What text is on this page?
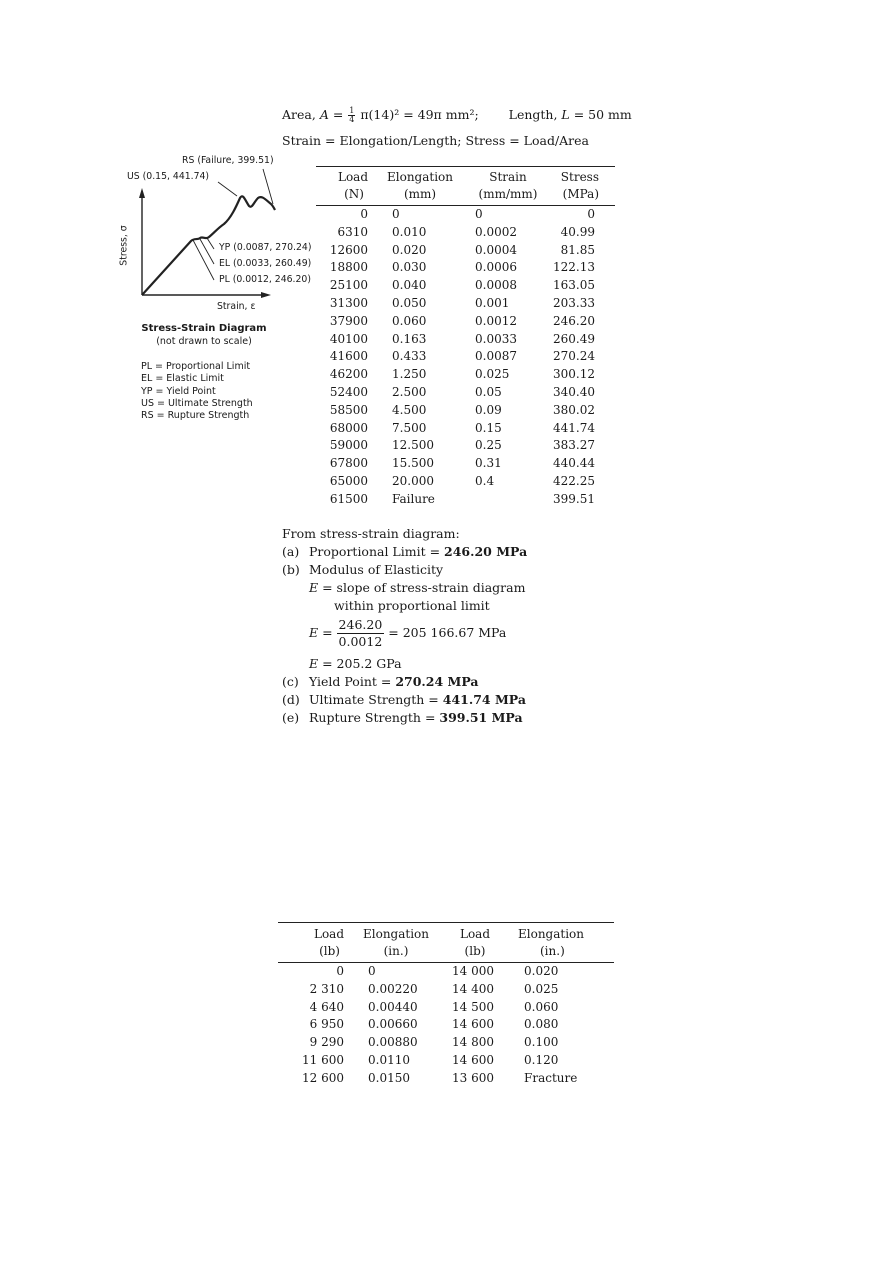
Area, $A = \frac{1}{4} \pi(14)^2 = 49\pi$ mm²; Length, L = 50 mm
Strain = Elongation/Length; Stress = Load/Area
RS (Failure, 399.51)
US (0.15, 441.74)
YP (0.0087, 270.24)
EL (0.0033, 260.49)
PL (0.0012, 246.20)
Stress, σ
Strain, ε
Stress-Strain Diagram
(not drawn to scale)
PL = Proportional Limit
EL = Elastic Limit
YP = Yield Point
US = Ultimate Strength
RS = Rupture Strength
Load	Elongation	Strain	Stress
(N)	(mm)	(mm/mm)	(MPa)
0	0	0	0
6310	0.010	0.0002	40.99
12600	0.020	0.0004	81.85
18800	0.030	0.0006	122.13
25100	0.040	0.0008	163.05
31300	0.050	0.001	203.33
37900	0.060	0.0012	246.20
40100	0.163	0.0033	260.49
41600	0.433	0.0087	270.24
46200	1.250	0.025	300.12
52400	2.500	0.05	340.40
58500	4.500	0.09	380.02
68000	7.500	0.15	441.74
59000	12.500	0.25	383.27
67800	15.500	0.31	440.44
65000	20.000	0.4	422.25
61500	Failure		399.51
From stress-strain diagram:
(a) Proportional Limit = 246.20 MPa
(b) Modulus of Elasticity
E = slope of stress-strain diagram
within proportional limit
$E = \frac{246.20}{0.0012} = 205$ 166.67 MPa
E = 205.2 GPa
(c) Yield Point = 270.24 MPa
(d) Ultimate Strength = 441.74 MPa
(e) Rupture Strength = 399.51 MPa
Load	Elongation	Load	Elongation
(lb)	(in.)	(lb)	(in.)
0	0	14 000	0.020
2 310	0.00220	14 400	0.025
4 640	0.00440	14 500	0.060
6 950	0.00660	14 600	0.080
9 290	0.00880	14 800	0.100
11 600	0.0110	14 600	0.120
12 600	0.0150	13 600	Fracture
